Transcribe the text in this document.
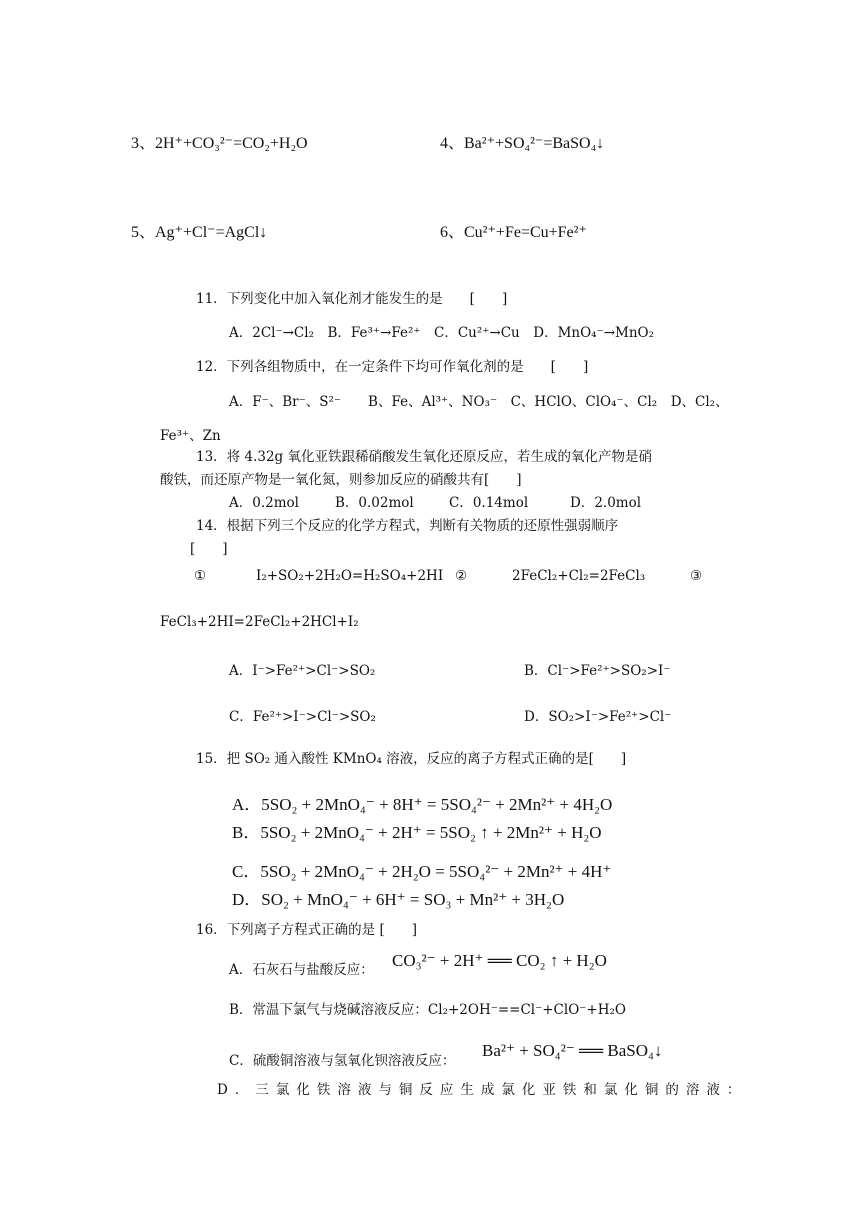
3、2H⁺+CO₃²⁻=CO₂+H₂O	4、Ba²⁺+SO₄²⁻=BaSO₄↓
5、Ag⁺+Cl⁻=AgCl↓	6、Cu²⁺+Fe=Cu+Fe²⁺
11．下列变化中加入氧化剂才能发生的是　　[　　]
A．2Cl⁻→Cl₂　B．Fe³⁺→Fe²⁺　C．Cu²⁺→Cu　D．MnO₄⁻→MnO₂
12．下列各组物质中，在一定条件下均可作氧化剂的是　　[　　]
A．F⁻、Br⁻、S²⁻　　B、Fe、Al³⁺、NO₃⁻　C、HClO、ClO₄⁻、Cl₂　D、Cl₂、
Fe³⁺、Zn
13．将 4.32g 氧化亚铁跟稀硝酸发生氧化还原反应，若生成的氧化产物是硝
酸铁，而还原产物是一氧化氮，则参加反应的硝酸共有[　　]
A．0.2mol	B．0.02mol	C．0.14mol	D．2.0mol
14．根据下列三个反应的化学方程式，判断有关物质的还原性强弱顺序
[　　]
①	I₂+SO₂+2H₂O=H₂SO₄+2HI ②	2FeCl₂+Cl₂=2FeCl₃	③
FeCl₃+2HI=2FeCl₂+2HCl+I₂
A．I⁻>Fe²⁺>Cl⁻>SO₂	B．Cl⁻>Fe²⁺>SO₂>I⁻
C．Fe²⁺>I⁻>Cl⁻>SO₂	D．SO₂>I⁻>Fe²⁺>Cl⁻
15．把 SO₂ 通入酸性 KMnO₄ 溶液，反应的离子方程式正确的是[　　]
A．5SO₂ + 2MnO₄⁻ + 8H⁺ = 5SO₄²⁻ + 2Mn²⁺ + 4H₂O
B．5SO₂ + 2MnO₄⁻ + 2H⁺ = 5SO₂ ↑ + 2Mn²⁺ + H₂O
C．5SO₂ + 2MnO₄⁻ + 2H₂O = 5SO₄²⁻ + 2Mn²⁺ + 4H⁺
D．SO₂ + MnO₄⁻ + 6H⁺ = SO₃ + Mn²⁺ + 3H₂O
16．下列离子方程式正确的是 [　　]
A．石灰石与盐酸反应： CO₃²⁻ + 2H⁺ ══ CO₂ ↑ + H₂O
B．常温下氯气与烧碱溶液反应：Cl₂+2OH⁻==Cl⁻+ClO⁻+H₂O
C．硫酸铜溶液与氢氧化钡溶液反应：
Ba²⁺ + SO₄²⁻ ══ BaSO₄↓
D．三氯化铁溶液与铜反应生成氯化亚铁和氯化铜的溶液：
